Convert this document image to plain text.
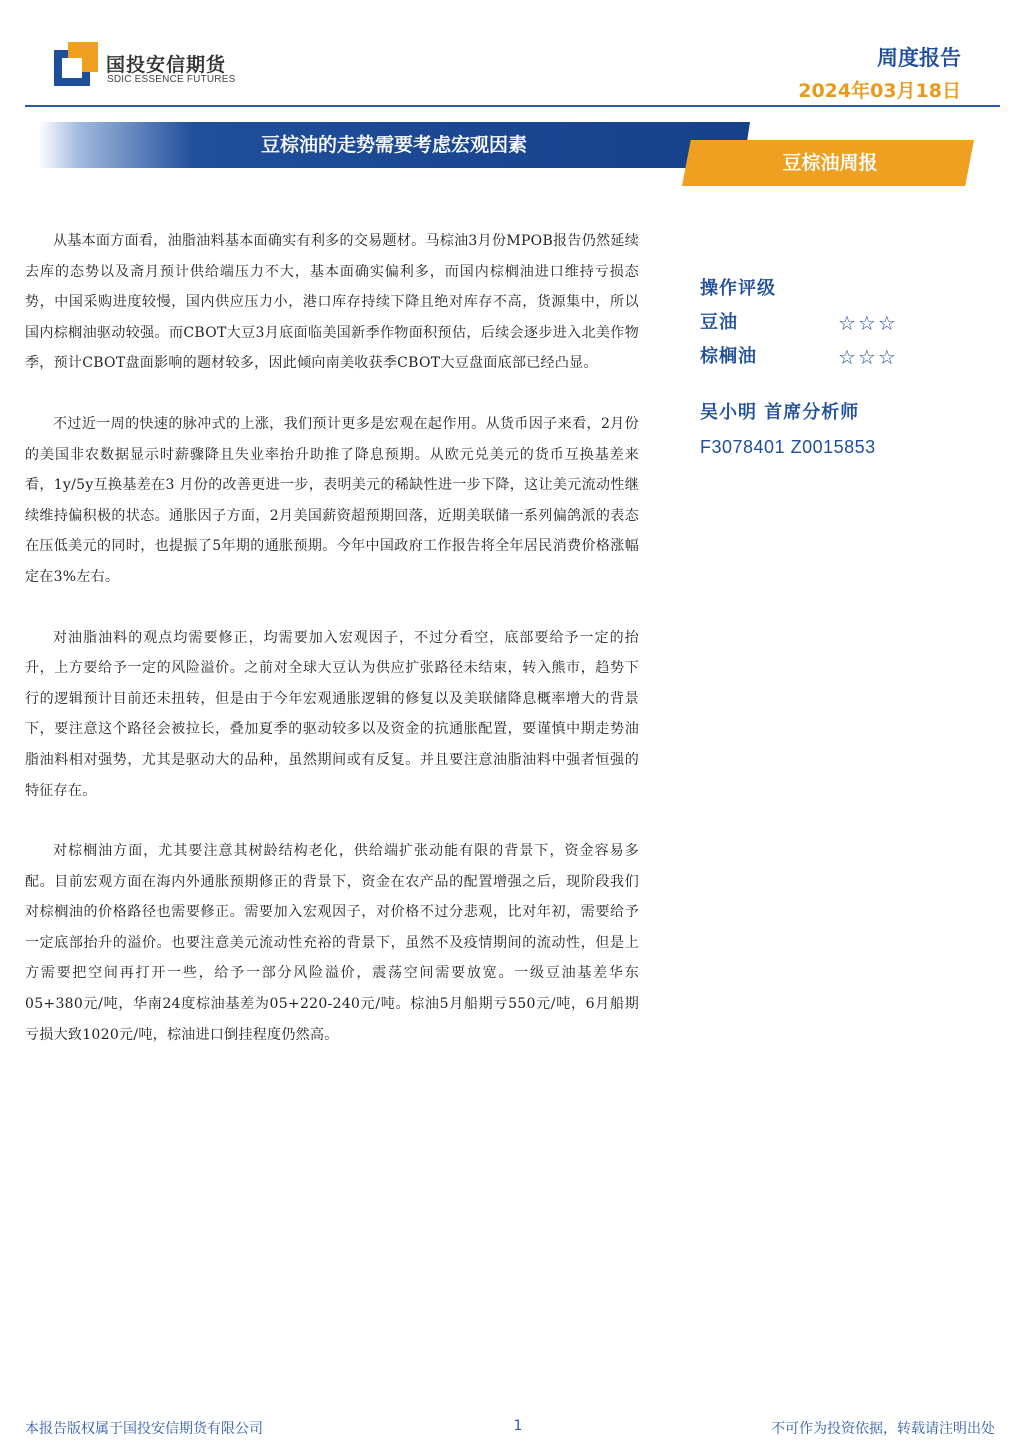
国投安信期货
SDIC ESSENCE FUTURES
周度报告
2024年03月18日
豆棕油的走势需要考虑宏观因素
豆棕油周报

从基本面方面看，油脂油料基本面确实有利多的交易题材。马棕油3月份MPOB报告仍然延续去库的态势以及斋月预计供给端压力不大，基本面确实偏利多，而国内棕榈油进口维持亏损态势，中国采购进度较慢，国内供应压力小，港口库存持续下降且绝对库存不高，货源集中，所以国内棕榈油驱动较强。而CBOT大豆3月底面临美国新季作物面积预估，后续会逐步进入北美作物季，预计CBOT盘面影响的题材较多，因此倾向南美收获季CBOT大豆盘面底部已经凸显。

不过近一周的快速的脉冲式的上涨，我们预计更多是宏观在起作用。从货币因子来看，2月份的美国非农数据显示时薪骤降且失业率抬升助推了降息预期。从欧元兑美元的货币互换基差来看，1y/5y互换基差在3 月份的改善更进一步，表明美元的稀缺性进一步下降，这让美元流动性继续维持偏积极的状态。通胀因子方面，2月美国薪资超预期回落，近期美联储一系列偏鸽派的表态在压低美元的同时，也提振了5年期的通胀预期。今年中国政府工作报告将全年居民消费价格涨幅定在3%左右。

对油脂油料的观点均需要修正，均需要加入宏观因子，不过分看空，底部要给予一定的抬升，上方要给予一定的风险溢价。之前对全球大豆认为供应扩张路径未结束，转入熊市，趋势下行的逻辑预计目前还未扭转，但是由于今年宏观通胀逻辑的修复以及美联储降息概率增大的背景下，要注意这个路径会被拉长，叠加夏季的驱动较多以及资金的抗通胀配置，要谨慎中期走势油脂油料相对强势，尤其是驱动大的品种，虽然期间或有反复。并且要注意油脂油料中强者恒强的特征存在。

对棕榈油方面，尤其要注意其树龄结构老化，供给端扩张动能有限的背景下，资金容易多配。目前宏观方面在海内外通胀预期修正的背景下，资金在农产品的配置增强之后，现阶段我们对棕榈油的价格路径也需要修正。需要加入宏观因子，对价格不过分悲观，比对年初，需要给予一定底部抬升的溢价。也要注意美元流动性充裕的背景下，虽然不及疫情期间的流动性，但是上方需要把空间再打开一些，给予一部分风险溢价，震荡空间需要放宽。一级豆油基差华东05+380元/吨，华南24度棕油基差为05+220-240元/吨。棕油5月船期亏550元/吨，6月船期亏损大致1020元/吨，棕油进口倒挂程度仍然高。

操作评级
豆油	☆☆☆
棕榈油	☆☆☆
吴小明 首席分析师
F3078401 Z0015853
本报告版权属于国投安信期货有限公司	1	不可作为投资依据，转载请注明出处
